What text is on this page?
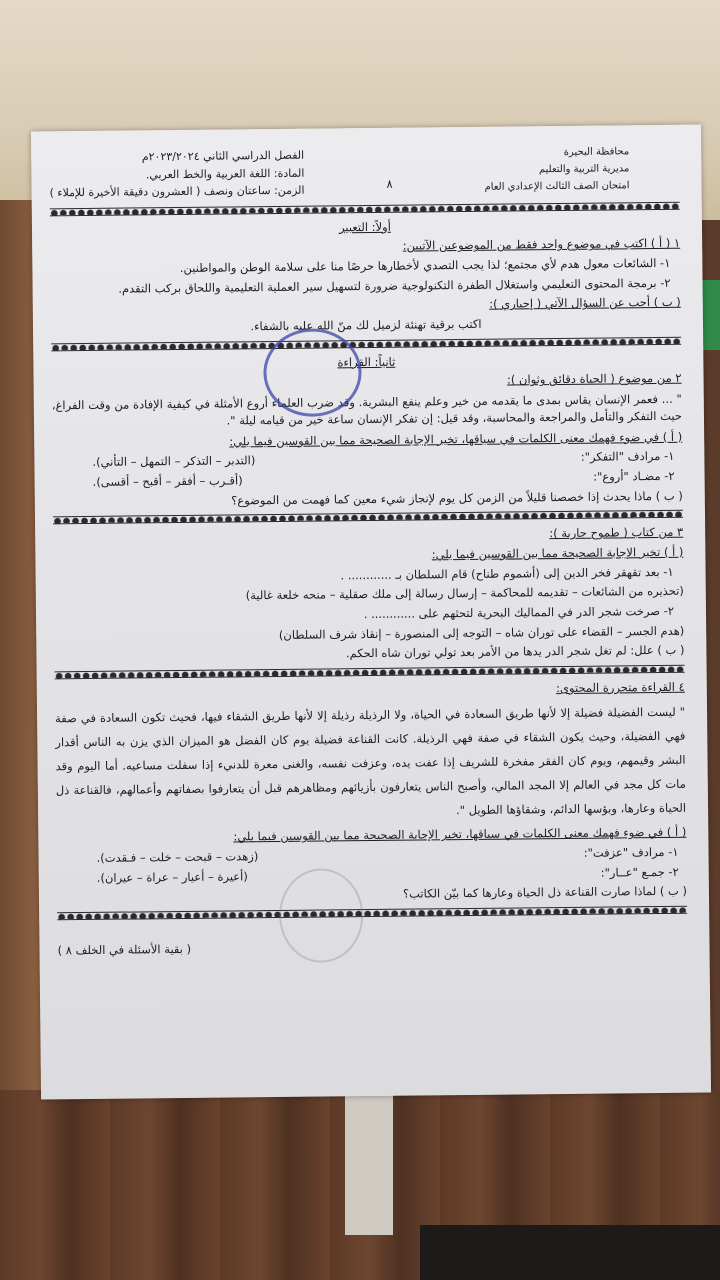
محافظة البحيرة
مديرية التربية والتعليم
امتحان الصف الثالث الإعدادي العام
٨
الفصل الدراسي الثاني ٢٠٢٣/٢٠٢٤م
المادة: اللغة العربية والخط العربي.
الزمن: ساعتان ونصف ( العشرون دقيقة الأخيرة للإملاء )
أولاً: التعبير
١ ( أ ) اكتب في موضوع واحد فقط من الموضوعين الآتيين:
١- الشائعات معول هدم لأي مجتمع؛ لذا يجب التصدي لأخطارها حرصًا منا على سلامة الوطن والمواطنين.
٢- برمجة المحتوى التعليمي واستغلال الطفرة التكنولوجية ضرورة لتسهيل سير العملية التعليمية واللحاق بركب التقدم.
( ب ) أجب عن السؤال الآتي ( إجباري ):
اكتب برقية تهنئة لزميل لك منّ الله عليه بالشفاء.
ثانياً: القراءة
٢ من موضوع ( الحياة دقائق وثوان ):
" ... فعمر الإنسان يقاس بمدى ما يقدمه من خير وعلم ينفع البشرية. وقد ضرب العلماء أروع الأمثلة في كيفية الإفادة من وقت الفراغ، حيث التفكر والتأمل والمراجعة والمحاسبة، وقد قيل: إن تفكر الإنسان ساعة خير من قيامه ليلة ".
( أ ) في ضوء فهمك معنى الكلمات في سياقها، تخير الإجابة الصحيحة مما بين القوسين فيما يلي:
١- مرادف "التفكر":
(التدبر – التذكر – التمهل – التأني).
٢- مضـاد "أروع":
(أقـرب – أفقر – أقبح – أقسى).
( ب ) ماذا يحدث إذا خصصنا قليلاً من الزمن كل يوم لإنجاز شيء معين كما فهمت من الموضوع؟
٣ من كتاب ( طموح جارية ):
( أ ) تخير الإجابة الصحيحة مما بين القوسين فيما يلي:
١- بعد تقهقر فخر الدين إلى (أشموم طناح) قام السلطان بـ ............ .
(تحذيره من الشائعات – تقديمه للمحاكمة – إرسال رسالة إلى ملك صقلية – منحه خلعة غالية)
٢- صرخت شجر الدر في المماليك البحرية لتحثهم على ............ .
(هدم الجسر – القضاء على توران شاه – التوجه إلى المنصورة – إنقاذ شرف السلطان)
( ب ) علل: لم تغل شجر الدر يدها من الأمر بعد تولي توران شاه الحكم.
٤ القراءة متحررة المحتوى:
" ليست الفضيلة فضيلة إلا لأنها طريق السعادة في الحياة، ولا الرذيلة رذيلة إلا لأنها طريق الشقاء فيها، فحيث تكون السعادة في صفة فهي الفضيلة، وحيث يكون الشقاء في صفة فهي الرذيلة. كانت القناعة فضيلة يوم كان الفضل هو الميزان الذي يزن به الناس أقدار البشر وقيمهم، ويوم كان الفقر مفخرة للشريف إذا عفت يده، وعزفت نفسه، والغنى معرة للدنيء إذا سفلت مساعيه. أما اليوم وقد مات كل مجد في العالم إلا المجد المالي، وأصبح الناس يتعارفون بأزيائهم ومظاهرهم قبل أن يتعارفوا بصفاتهم وأعمالهم، فالقناعة ذل الحياة وعارها، وبؤسها الدائم، وشقاؤها الطويل ".
( أ ) في ضوء فهمك معنى الكلمات في سياقها، تخير الإجابة الصحيحة مما بين القوسين فيما يلي:
١- مرادف "عزفت":
(زهدت – قبحت – خلت – فـقدت).
٢- جمـع "عــار":
(أعيرة – أعيار – عراة – عيران).
( ب ) لماذا صارت القناعة ذل الحياة وعارها كما بيّن الكاتب؟
( بقية الأسئلة في الخلف ٨ )
